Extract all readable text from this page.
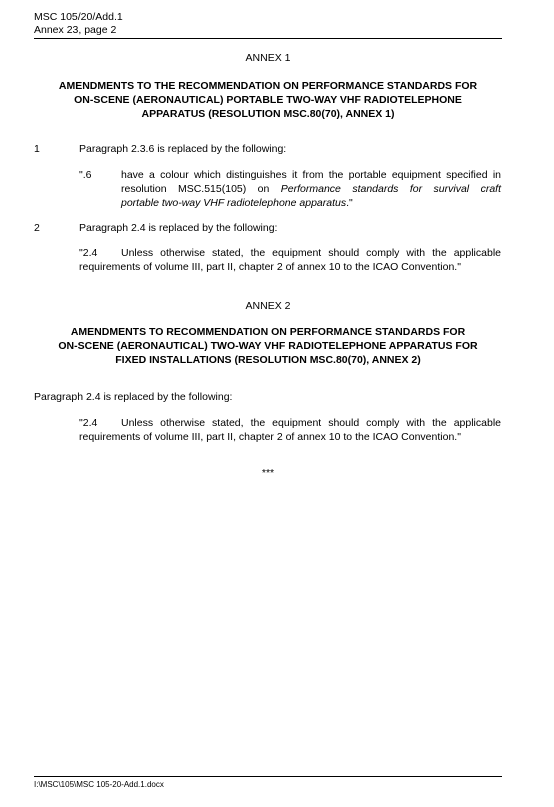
MSC 105/20/Add.1
Annex 23, page 2
ANNEX 1
AMENDMENTS TO THE RECOMMENDATION ON PERFORMANCE STANDARDS FOR
ON-SCENE (AERONAUTICAL) PORTABLE TWO-WAY VHF RADIOTELEPHONE
APPARATUS (RESOLUTION MSC.80(70), ANNEX 1)
1	Paragraph 2.3.6 is replaced by the following:
".6	have a colour which distinguishes it from the portable equipment specified in
resolution MSC.515(105) on Performance standards for survival craft
portable two-way VHF radiotelephone apparatus."
2	Paragraph 2.4 is replaced by the following:
"2.4 Unless otherwise stated, the equipment should comply with the applicable
requirements of volume III, part II, chapter 2 of annex 10 to the ICAO Convention."
ANNEX 2
AMENDMENTS TO RECOMMENDATION ON PERFORMANCE STANDARDS FOR
ON-SCENE (AERONAUTICAL) TWO-WAY VHF RADIOTELEPHONE APPARATUS FOR
FIXED INSTALLATIONS (RESOLUTION MSC.80(70), ANNEX 2)
Paragraph 2.4 is replaced by the following:
"2.4 Unless otherwise stated, the equipment should comply with the applicable
requirements of volume III, part II, chapter 2 of annex 10 to the ICAO Convention."
***
I:\MSC\105\MSC 105-20-Add.1.docx
